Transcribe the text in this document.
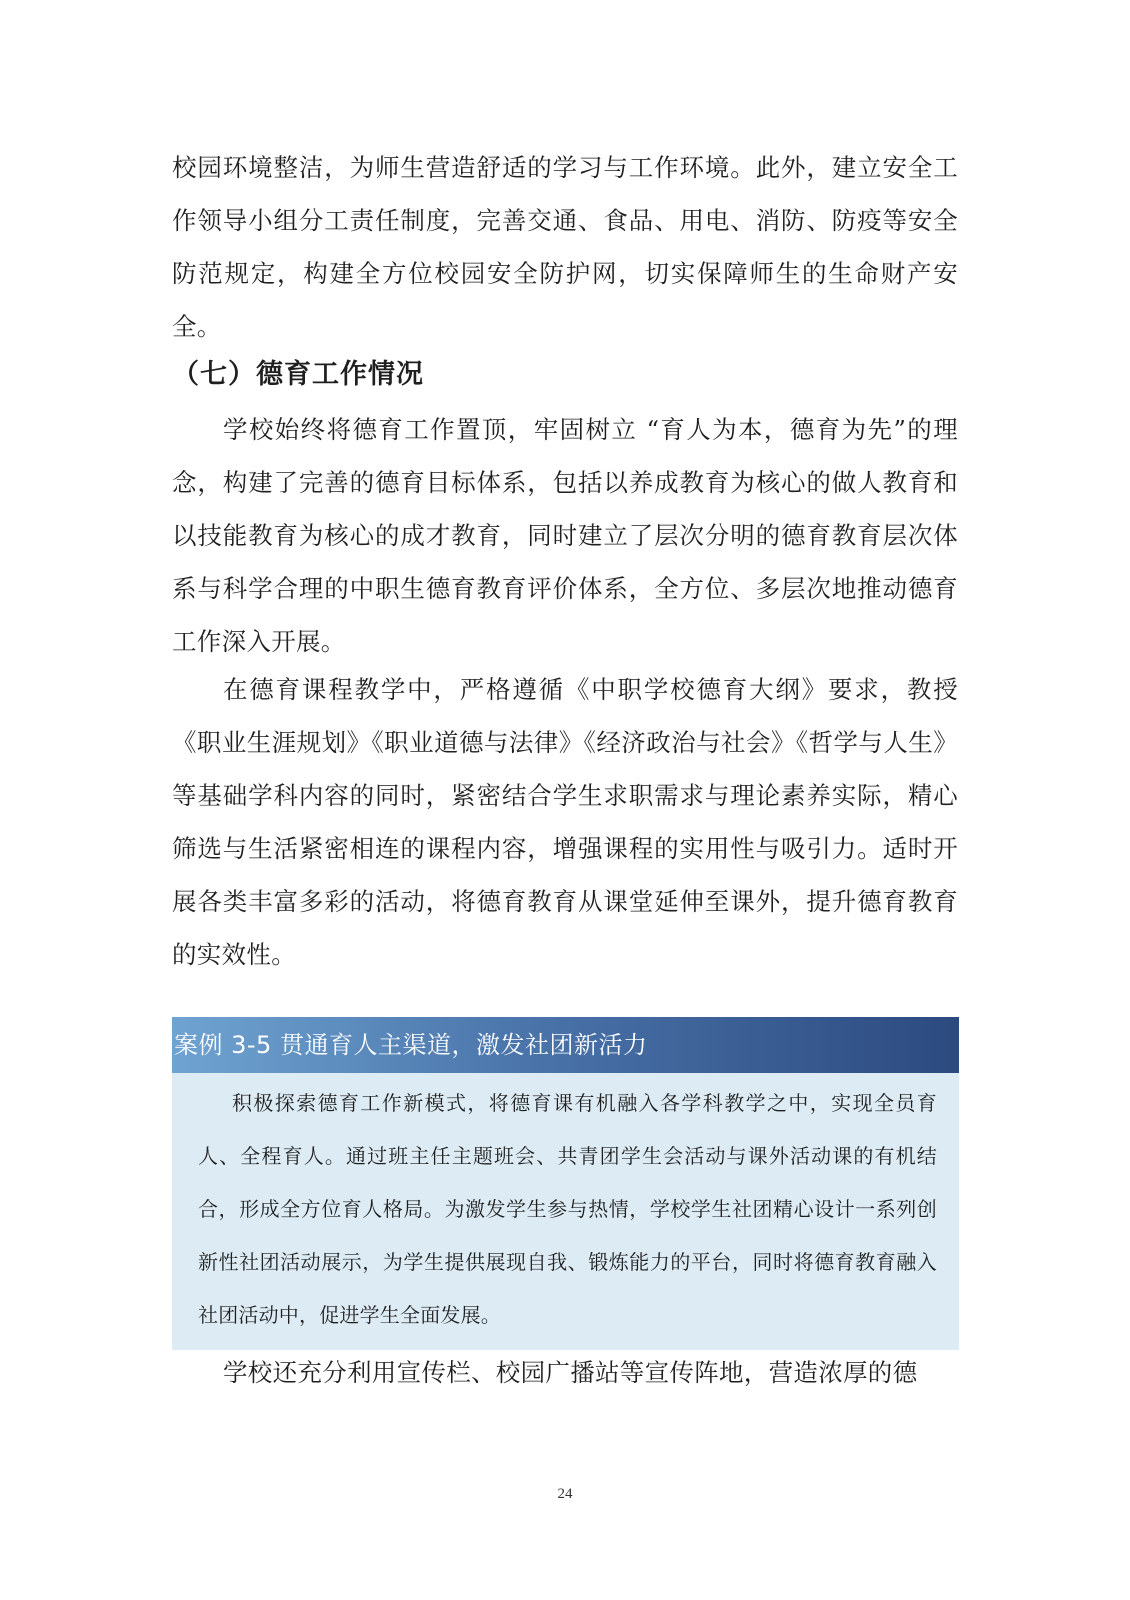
校园环境整洁，为师生营造舒适的学习与工作环境。此外，建立安全工作领导小组分工责任制度，完善交通、食品、用电、消防、防疫等安全防范规定，构建全方位校园安全防护网，切实保障师生的生命财产安全。

（七）德育工作情况

学校始终将德育工作置顶，牢固树立 “育人为本，德育为先”的理念，构建了完善的德育目标体系，包括以养成教育为核心的做人教育和以技能教育为核心的成才教育，同时建立了层次分明的德育教育层次体系与科学合理的中职生德育教育评价体系，全方位、多层次地推动德育工作深入开展。

在德育课程教学中，严格遵循《中职学校德育大纲》要求，教授《职业生涯规划》《职业道德与法律》《经济政治与社会》《哲学与人生》等基础学科内容的同时，紧密结合学生求职需求与理论素养实际，精心筛选与生活紧密相连的课程内容，增强课程的实用性与吸引力。适时开展各类丰富多彩的活动，将德育教育从课堂延伸至课外，提升德育教育的实效性。

案例 3-5 贯通育人主渠道，激发社团新活力
积极探索德育工作新模式，将德育课有机融入各学科教学之中，实现全员育人、全程育人。通过班主任主题班会、共青团学生会活动与课外活动课的有机结合，形成全方位育人格局。为激发学生参与热情，学校学生社团精心设计一系列创新性社团活动展示，为学生提供展现自我、锻炼能力的平台，同时将德育教育融入社团活动中，促进学生全面发展。

学校还充分利用宣传栏、校园广播站等宣传阵地，营造浓厚的德

24
